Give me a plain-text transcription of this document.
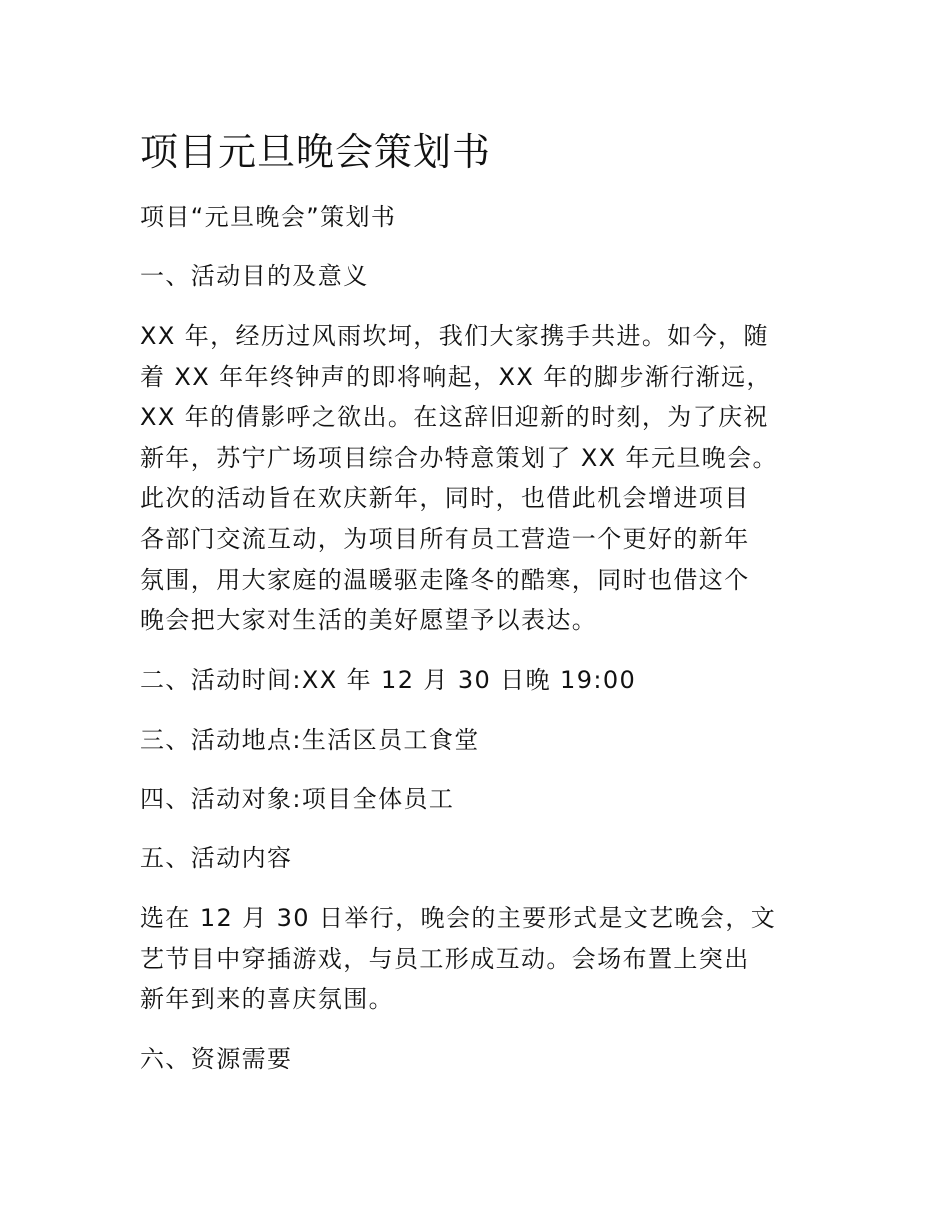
项目元旦晚会策划书

项目“元旦晚会”策划书

一、活动目的及意义

XX 年，经历过风雨坎坷，我们大家携手共进。如今，随
着 XX 年年终钟声的即将响起，XX 年的脚步渐行渐远，
XX 年的倩影呼之欲出。在这辞旧迎新的时刻，为了庆祝
新年，苏宁广场项目综合办特意策划了 XX 年元旦晚会。
此次的活动旨在欢庆新年，同时，也借此机会增进项目
各部门交流互动，为项目所有员工营造一个更好的新年
氛围，用大家庭的温暖驱走隆冬的酷寒，同时也借这个
晚会把大家对生活的美好愿望予以表达。

二、活动时间:XX 年 12 月 30 日晚 19:00

三、活动地点:生活区员工食堂

四、活动对象:项目全体员工

五、活动内容

选在 12 月 30 日举行，晚会的主要形式是文艺晚会，文
艺节目中穿插游戏，与员工形成互动。会场布置上突出
新年到来的喜庆氛围。

六、资源需要
